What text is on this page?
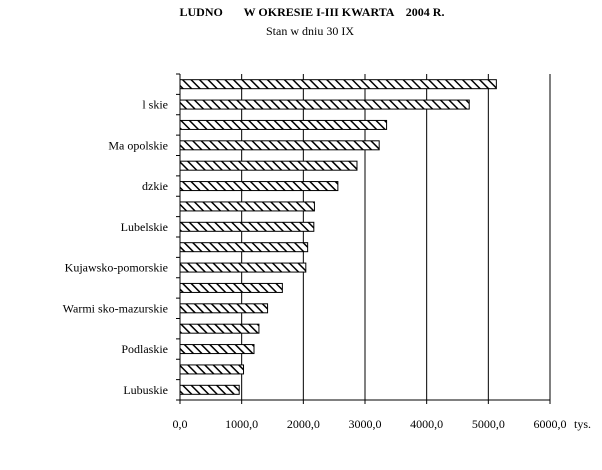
LUDNO       W OKRESIE I-III KWARTA    2004 R.
Stan w dniu 30 IX
l skie
Ma opolskie
dzkie
Lubelskie
Kujawsko-pomorskie
Warmi sko-mazurskie
Podlaskie
Lubuskie
0,0	1000,0 2000,0 3000,0 4000,0 5000,0 6000,0 tys.
